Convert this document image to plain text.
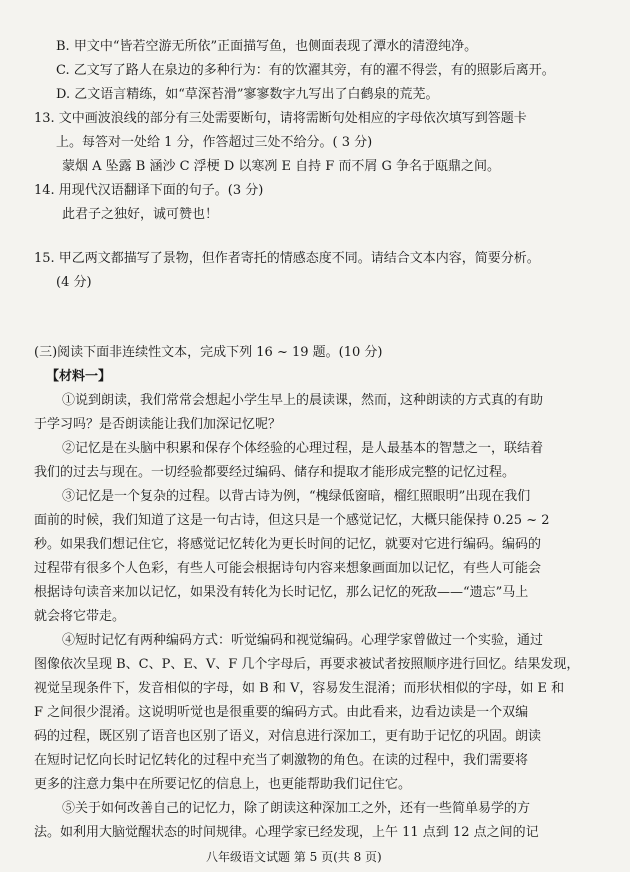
B. 甲文中“皆若空游无所依”正面描写鱼，也侧面表现了潭水的清澄纯净。
C. 乙文写了路人在泉边的多种行为：有的饮濯其旁，有的濯不得尝，有的照影后离开。
D. 乙文语言精练，如“草深苔滑”寥寥数字九写出了白鹤泉的荒芜。
13. 文中画波浪线的部分有三处需要断句，请将需断句处相应的字母依次填写到答题卡
上。每答对一处给 1 分，作答超过三处不给分。( 3 分)
蒙烟 A 坠露 B 涵沙 C 浮梗 D 以寒冽 E 自持 F 而不屑 G 争名于瓯鼎之间。
14. 用现代汉语翻译下面的句子。(3 分)
此君子之独好，诚可赞也！
15. 甲乙两文都描写了景物，但作者寄托的情感态度不同。请结合文本内容，简要分析。
(4 分)
(三)阅读下面非连续性文本，完成下列 16 ~ 19 题。(10 分)
【材料一】
①说到朗读，我们常常会想起小学生早上的晨读课，然而，这种朗读的方式真的有助
于学习吗？是否朗读能让我们加深记忆呢？
②记忆是在头脑中积累和保存个体经验的心理过程，是人最基本的智慧之一，联结着
我们的过去与现在。一切经验都要经过编码、储存和提取才能形成完整的记忆过程。
③记忆是一个复杂的过程。以背古诗为例，“槐绿低窗暗，榴红照眼明”出现在我们
面前的时候，我们知道了这是一句古诗，但这只是一个感觉记忆，大概只能保持 0.25 ~ 2
秒。如果我们想记住它，将感觉记忆转化为更长时间的记忆，就要对它进行编码。编码的
过程带有很多个人色彩，有些人可能会根据诗句内容来想象画面加以记忆，有些人可能会
根据诗句读音来加以记忆，如果没有转化为长时记忆，那么记忆的死敌——“遗忘”马上
就会将它带走。
④短时记忆有两种编码方式：听觉编码和视觉编码。心理学家曾做过一个实验，通过
图像依次呈现 B、C、P、E、V、F 几个字母后，再要求被试者按照顺序进行回忆。结果发现，
视觉呈现条件下，发音相似的字母，如 B 和 V，容易发生混淆；而形状相似的字母，如 E 和
F 之间很少混淆。这说明听觉也是很重要的编码方式。由此看来，边看边读是一个双编
码的过程，既区别了语音也区别了语义，对信息进行深加工，更有助于记忆的巩固。朗读
在短时记忆向长时记忆转化的过程中充当了刺激物的角色。在读的过程中，我们需要将
更多的注意力集中在所要记忆的信息上，也更能帮助我们记住它。
⑤关于如何改善自己的记忆力，除了朗读这种深加工之外，还有一些简单易学的方
法。如利用大脑觉醒状态的时间规律。心理学家已经发现，上午 11 点到 12 点之间的记
八年级语文试题 第 5 页(共 8 页)
